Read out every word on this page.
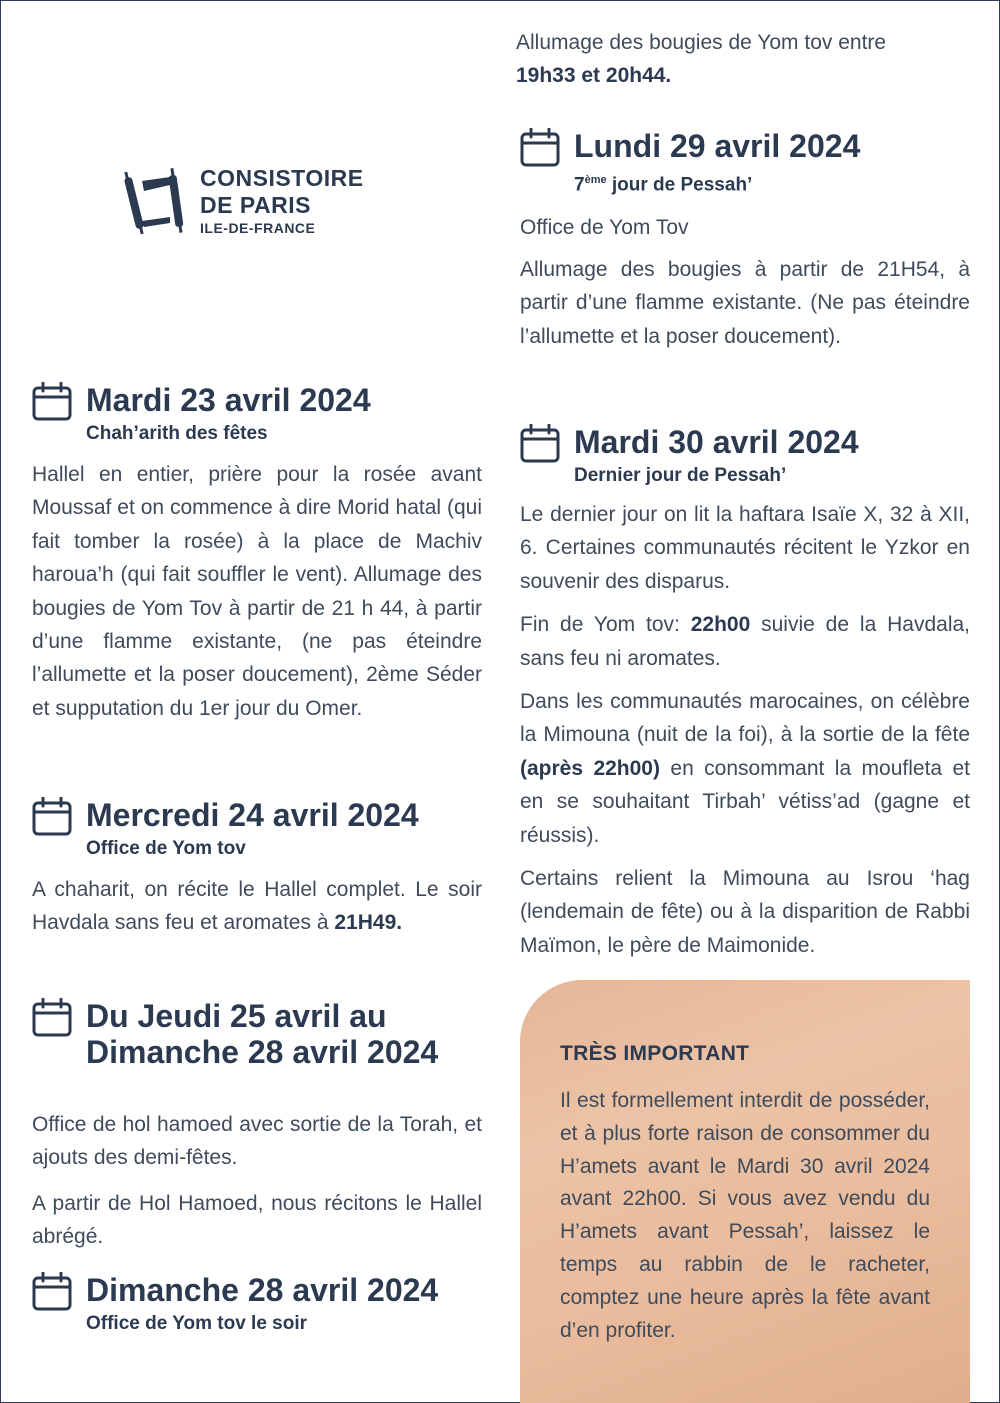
CONSISTOIRE
DE PARIS
ILE-DE-FRANCE
Mardi 23 avril 2024

Chah’arith des fêtes

Hallel en entier, prière pour la rosée avant Moussaf et on commence à dire Morid hatal (qui fait tomber la rosée) à la place de Machiv haroua’h (qui fait souffler le vent). Allumage des bougies de Yom Tov à partir de 21 h 44, à partir d’une flamme existante, (ne pas éteindre l’allumette et la poser doucement), 2ème Séder et supputation du 1er jour du Omer.

Mercredi 24 avril 2024

Office de Yom tov

A chaharit, on récite le Hallel complet. Le soir Havdala sans feu et aromates à 21H49.

Du Jeudi 25 avril au
Dimanche 28 avril 2024

Office de hol hamoed avec sortie de la Torah, et ajouts des demi-fêtes.

A partir de Hol Hamoed, nous récitons le Hallel abrégé.

Dimanche 28 avril 2024

Office de Yom tov le soir

Allumage des bougies de Yom tov entre
19h33 et 20h44.

Lundi 29 avril 2024

7ème jour de Pessah’

Office de Yom Tov

Allumage des bougies à partir de 21H54, à partir d’une flamme existante. (Ne pas éteindre l’allumette et la poser doucement).

Mardi 30 avril 2024

Dernier jour de Pessah’

Le dernier jour on lit la haftara Isaïe X, 32 à XII, 6. Certaines communautés récitent le Yzkor en souvenir des disparus.

Fin de Yom tov: 22h00 suivie de la Havdala, sans feu ni aromates.

Dans les communautés marocaines, on célèbre la Mimouna (nuit de la foi), à la sortie de la fête (après 22h00) en consommant la moufleta et en se souhaitant Tirbah’ vétiss’ad (gagne et réussis).

Certains relient la Mimouna au Isrou ‘hag (lendemain de fête) ou à la disparition de Rabbi Maïmon, le père de Maimonide.

TRÈS IMPORTANT

Il est formellement interdit de posséder, et à plus forte raison de consommer du H’amets avant le Mardi 30 avril 2024 avant 22h00. Si vous avez vendu du H’amets avant Pessah’, laissez le temps au rabbin de le racheter, comptez une heure après la fête avant d’en profiter.
